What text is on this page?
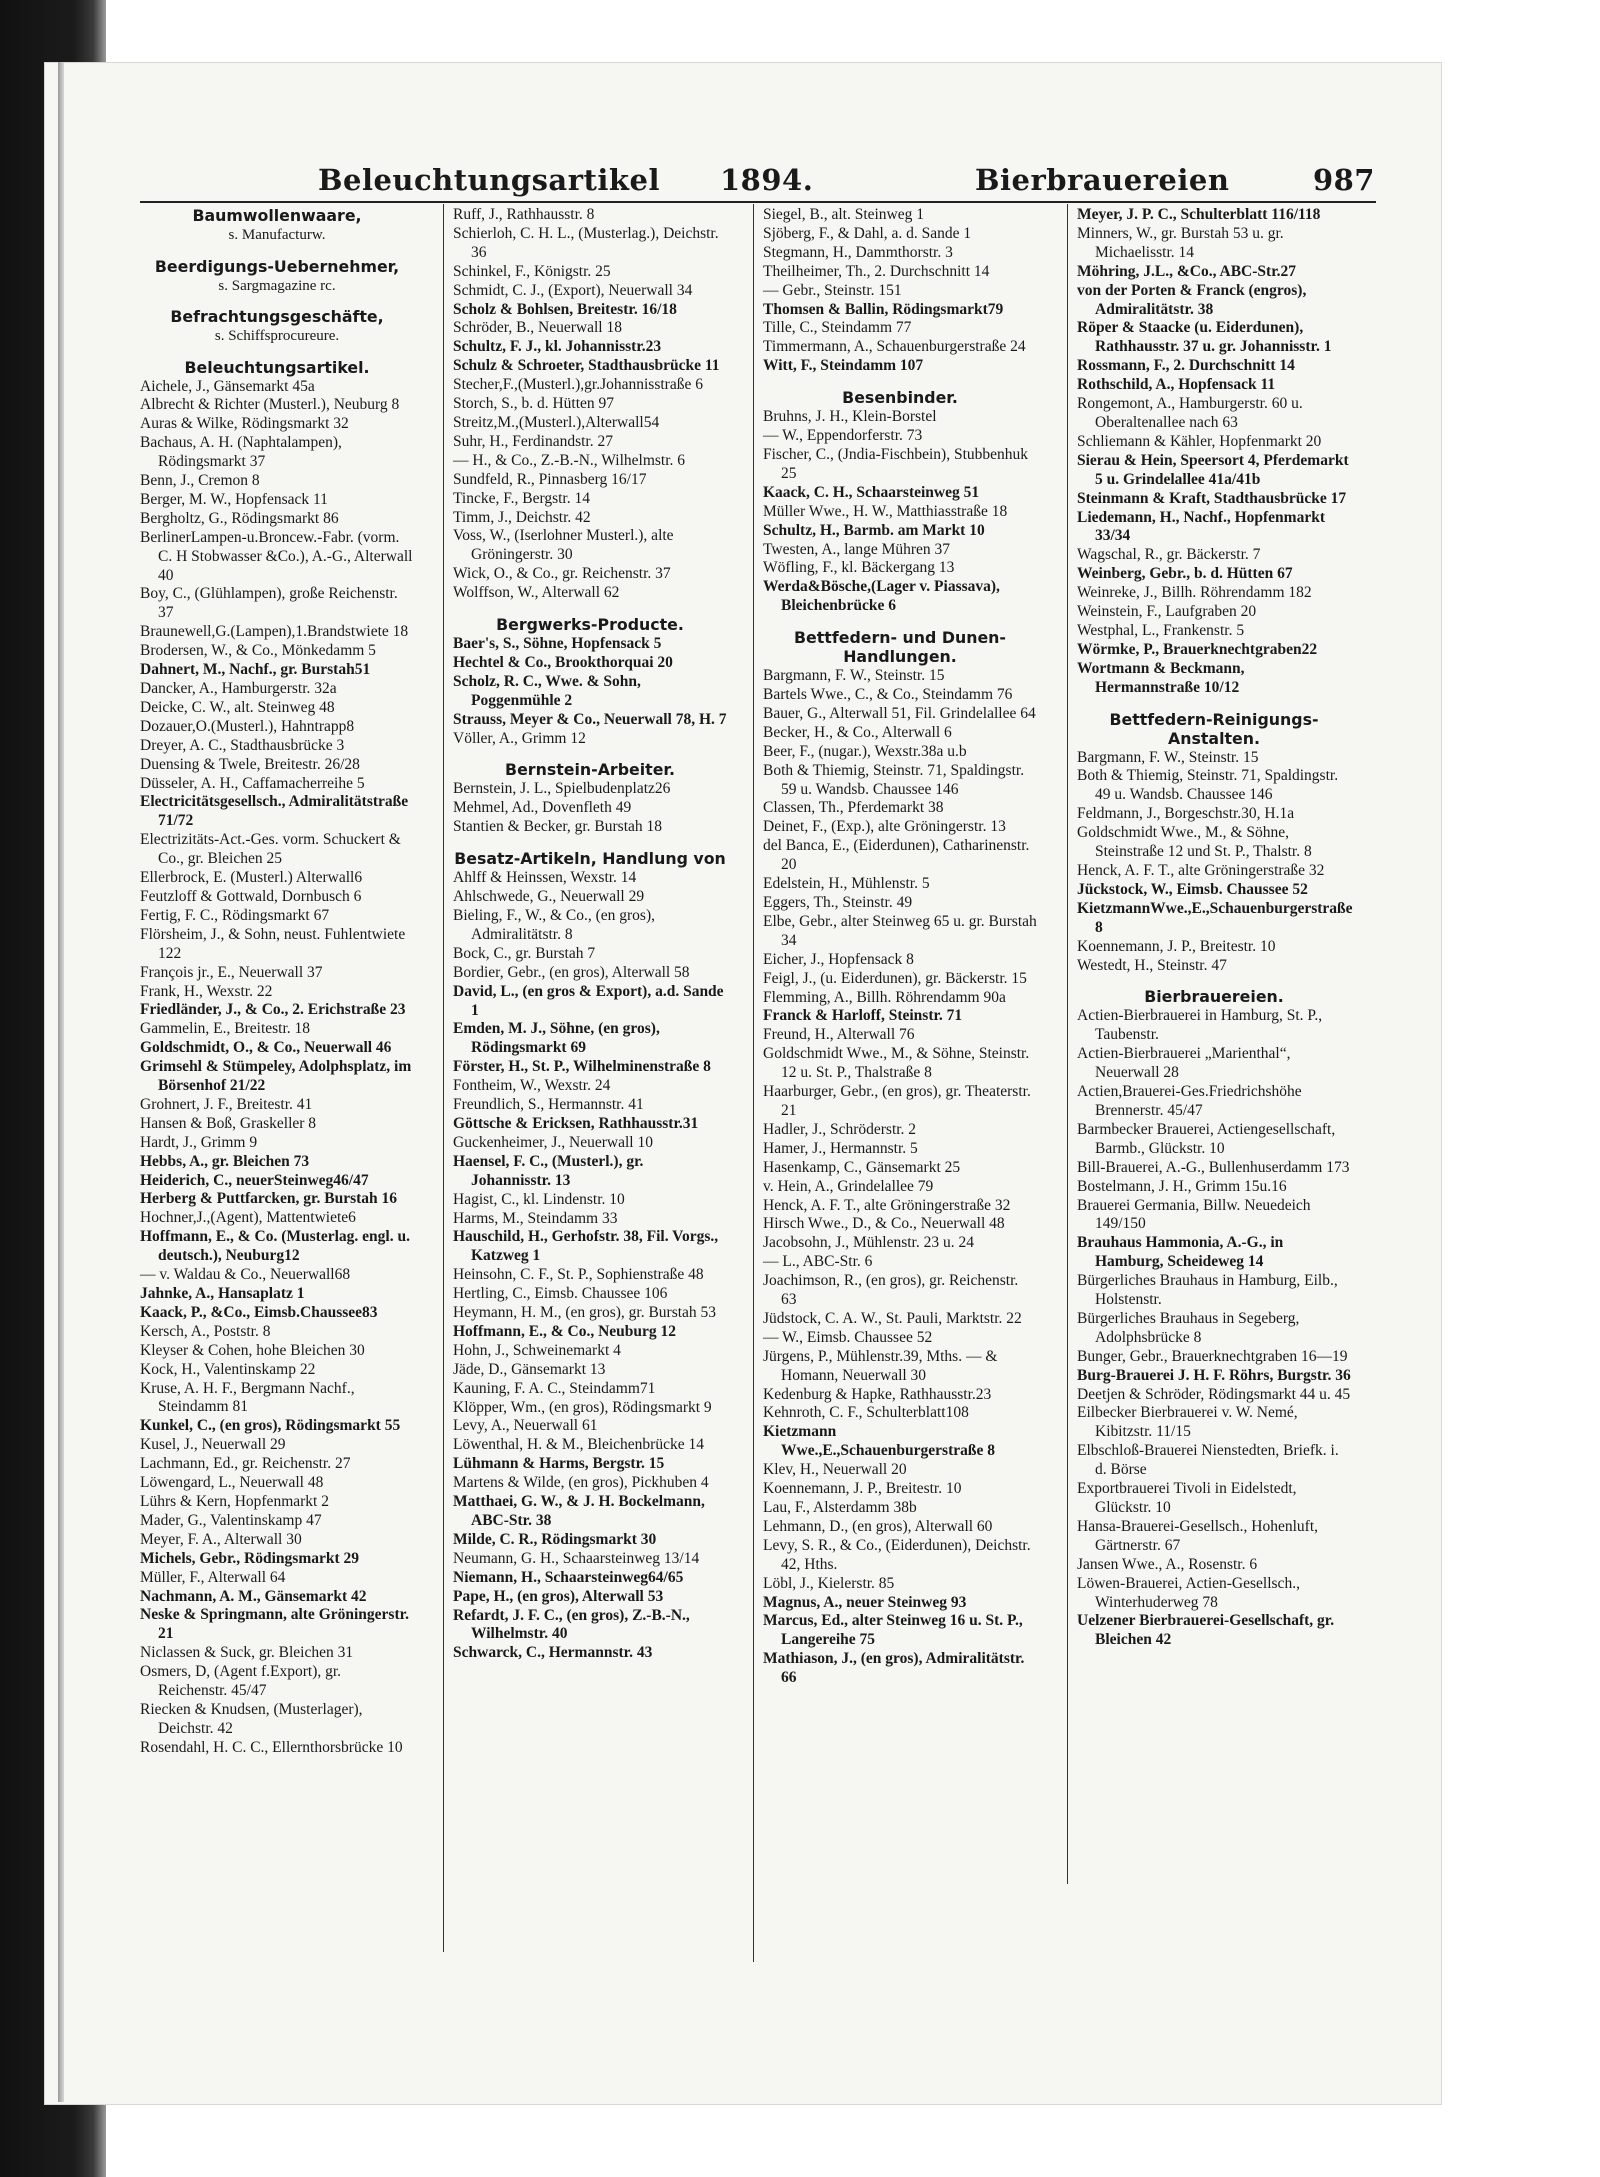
Beleuchtungsartikel 1894.	Bierbrauereien	987
Baumwollenwaare,
s. Manufacturw.
Beerdigungs-Uebernehmer,
s. Sargmagazine rc.
Befrachtungsgeschäfte,
s. Schiffsprocureure.
Beleuchtungsartikel.
Aichele, J., Gänsemarkt 45a
Albrecht & Richter (Musterl.), Neuburg 8
Auras & Wilke, Rödingsmarkt 32
Bachaus, A. H. (Naphtalampen), Rödingsmarkt 37
Benn, J., Cremon 8
Berger, M. W., Hopfensack 11
Bergholtz, G., Rödingsmarkt 86
BerlinerLampen-u.Broncew.-Fabr. (vorm. C. H Stobwasser &Co.), A.-G., Alterwall 40
Boy, C., (Glühlampen), große Reichenstr. 37
Braunewell,G.(Lampen),1.Brandstwiete 18
Brodersen, W., & Co., Mönkedamm 5
Dahnert, M., Nachf., gr. Burstah51
Dancker, A., Hamburgerstr. 32a
Deicke, C. W., alt. Steinweg 48
Dozauer,O.(Musterl.), Hahntrapp8
Dreyer, A. C., Stadthausbrücke 3
Duensing & Twele, Breitestr. 26/28
Düsseler, A. H., Caffamacherreihe 5
Electricitätsgesellsch., Admiralitätstraße 71/72
Electrizitäts-Act.-Ges. vorm. Schuckert & Co., gr. Bleichen 25
Ellerbrock, E. (Musterl.) Alterwall6
Feutzloff & Gottwald, Dornbusch 6
Fertig, F. C., Rödingsmarkt 67
Flörsheim, J., & Sohn, neust. Fuhlentwiete 122
François jr., E., Neuerwall 37
Frank, H., Wexstr. 22
Friedländer, J., & Co., 2. Erichstraße 23
Gammelin, E., Breitestr. 18
Goldschmidt, O., & Co., Neuerwall 46
Grimsehl & Stümpeley, Adolphsplatz, im Börsenhof 21/22
Grohnert, J. F., Breitestr. 41
Hansen & Boß, Graskeller 8
Hardt, J., Grimm 9
Hebbs, A., gr. Bleichen 73
Heiderich, C., neuerSteinweg46/47
Herberg & Puttfarcken, gr. Burstah 16
Hochner,J.,(Agent), Mattentwiete6
Hoffmann, E., & Co. (Musterlag. engl. u. deutsch.), Neuburg12
— v. Waldau & Co., Neuerwall68
Jahnke, A., Hansaplatz 1
Kaack, P., &Co., Eimsb.Chaussee83
Kersch, A., Poststr. 8
Kleyser & Cohen, hohe Bleichen 30
Kock, H., Valentinskamp 22
Kruse, A. H. F., Bergmann Nachf., Steindamm 81
Kunkel, C., (en gros), Rödingsmarkt 55
Kusel, J., Neuerwall 29
Lachmann, Ed., gr. Reichenstr. 27
Löwengard, L., Neuerwall 48
Lührs & Kern, Hopfenmarkt 2
Mader, G., Valentinskamp 47
Meyer, F. A., Alterwall 30
Michels, Gebr., Rödingsmarkt 29
Müller, F., Alterwall 64
Nachmann, A. M., Gänsemarkt 42
Neske & Springmann, alte Gröningerstr. 21
Niclassen & Suck, gr. Bleichen 31
Osmers, D, (Agent f.Export), gr. Reichenstr. 45/47
Riecken & Knudsen, (Musterlager), Deichstr. 42
Rosendahl, H. C. C., Ellernthorsbrücke 10
Ruff, J., Rathhausstr. 8
Schierloh, C. H. L., (Musterlag.), Deichstr. 36
Schinkel, F., Königstr. 25
Schmidt, C. J., (Export), Neuerwall 34
Scholz & Bohlsen, Breitestr. 16/18
Schröder, B., Neuerwall 18
Schultz, F. J., kl. Johannisstr.23
Schulz & Schroeter, Stadthausbrücke 11
Stecher,F.,(Musterl.),gr.Johannisstraße 6
Storch, S., b. d. Hütten 97
Streitz,M.,(Musterl.),Alterwall54
Suhr, H., Ferdinandstr. 27
— H., & Co., Z.-B.-N., Wilhelmstr. 6
Sundfeld, R., Pinnasberg 16/17
Tincke, F., Bergstr. 14
Timm, J., Deichstr. 42
Voss, W., (Iserlohner Musterl.), alte Gröningerstr. 30
Wick, O., & Co., gr. Reichenstr. 37
Wolffson, W., Alterwall 62
Bergwerks-Producte.
Baer's, S., Söhne, Hopfensack 5
Hechtel & Co., Brookthorquai 20
Scholz, R. C., Wwe. & Sohn, Poggenmühle 2
Strauss, Meyer & Co., Neuerwall 78, H. 7
Völler, A., Grimm 12
Bernstein-Arbeiter.
Bernstein, J. L., Spielbudenplatz26
Mehmel, Ad., Dovenfleth 49
Stantien & Becker, gr. Burstah 18
Besatz-Artikeln, Handlung von
Ahlff & Heinssen, Wexstr. 14
Ahlschwede, G., Neuerwall 29
Bieling, F., W., & Co., (en gros), Admiralitätstr. 8
Bock, C., gr. Burstah 7
Bordier, Gebr., (en gros), Alterwall 58
David, L., (en gros & Export), a.d. Sande 1
Emden, M. J., Söhne, (en gros), Rödingsmarkt 69
Förster, H., St. P., Wilhelminenstraße 8
Fontheim, W., Wexstr. 24
Freundlich, S., Hermannstr. 41
Göttsche & Ericksen, Rathhausstr.31
Guckenheimer, J., Neuerwall 10
Haensel, F. C., (Musterl.), gr. Johannisstr. 13
Hagist, C., kl. Lindenstr. 10
Harms, M., Steindamm 33
Hauschild, H., Gerhofstr. 38, Fil. Vorgs., Katzweg 1
Heinsohn, C. F., St. P., Sophienstraße 48
Hertling, C., Eimsb. Chaussee 106
Heymann, H. M., (en gros), gr. Burstah 53
Hoffmann, E., & Co., Neuburg 12
Hohn, J., Schweinemarkt 4
Jäde, D., Gänsemarkt 13
Kauning, F. A. C., Steindamm71
Klöpper, Wm., (en gros), Rödingsmarkt 9
Levy, A., Neuerwall 61
Löwenthal, H. & M., Bleichenbrücke 14
Lühmann & Harms, Bergstr. 15
Martens & Wilde, (en gros), Pickhuben 4
Matthaei, G. W., & J. H. Bockelmann, ABC-Str. 38
Milde, C. R., Rödingsmarkt 30
Neumann, G. H., Schaarsteinweg 13/14
Niemann, H., Schaarsteinweg64/65
Pape, H., (en gros), Alterwall 53
Refardt, J. F. C., (en gros), Z.-B.-N., Wilhelmstr. 40
Schwarck, C., Hermannstr. 43
Siegel, B., alt. Steinweg 1
Sjöberg, F., & Dahl, a. d. Sande 1
Stegmann, H., Dammthorstr. 3
Theilheimer, Th., 2. Durchschnitt 14
— Gebr., Steinstr. 151
Thomsen & Ballin, Rödingsmarkt79
Tille, C., Steindamm 77
Timmermann, A., Schauenburgerstraße 24
Witt, F., Steindamm 107
Besenbinder.
Bruhns, J. H., Klein-Borstel
— W., Eppendorferstr. 73
Fischer, C., (Jndia-Fischbein), Stubbenhuk 25
Kaack, C. H., Schaarsteinweg 51
Müller Wwe., H. W., Matthiasstraße 18
Schultz, H., Barmb. am Markt 10
Twesten, A., lange Mühren 37
Wöfling, F., kl. Bäckergang 13
Werda&Bösche,(Lager v. Piassava), Bleichenbrücke 6
Bettfedern- und Dunen-Handlungen.
Bargmann, F. W., Steinstr. 15
Bartels Wwe., C., & Co., Steindamm 76
Bauer, G., Alterwall 51, Fil. Grindelallee 64
Becker, H., & Co., Alterwall 6
Beer, F., (nugar.), Wexstr.38a u.b
Both & Thiemig, Steinstr. 71, Spaldingstr. 59 u. Wandsb. Chaussee 146
Classen, Th., Pferdemarkt 38
Deinet, F., (Exp.), alte Gröningerstr. 13
del Banca, E., (Eiderdunen), Catharinenstr. 20
Edelstein, H., Mühlenstr. 5
Eggers, Th., Steinstr. 49
Elbe, Gebr., alter Steinweg 65 u. gr. Burstah 34
Eicher, J., Hopfensack 8
Feigl, J., (u. Eiderdunen), gr. Bäckerstr. 15
Flemming, A., Billh. Röhrendamm 90a
Franck & Harloff, Steinstr. 71
Freund, H., Alterwall 76
Goldschmidt Wwe., M., & Söhne, Steinstr. 12 u. St. P., Thalstraße 8
Haarburger, Gebr., (en gros), gr. Theaterstr. 21
Hadler, J., Schröderstr. 2
Hamer, J., Hermannstr. 5
Hasenkamp, C., Gänsemarkt 25
v. Hein, A., Grindelallee 79
Henck, A. F. T., alte Gröningerstraße 32
Hirsch Wwe., D., & Co., Neuerwall 48
Jacobsohn, J., Mühlenstr. 23 u. 24
— L., ABC-Str. 6
Joachimson, R., (en gros), gr. Reichenstr. 63
Jüdstock, C. A. W., St. Pauli, Marktstr. 22
— W., Eimsb. Chaussee 52
Jürgens, P., Mühlenstr.39, Mths. — & Homann, Neuerwall 30
Kedenburg & Hapke, Rathhausstr.23
Kehnroth, C. F., Schulterblatt108
Kietzmann Wwe.,E.,Schauenburgerstraße 8
Klev, H., Neuerwall 20
Koennemann, J. P., Breitestr. 10
Lau, F., Alsterdamm 38b
Lehmann, D., (en gros), Alterwall 60
Levy, S. R., & Co., (Eiderdunen), Deichstr. 42, Hths.
Löbl, J., Kielerstr. 85
Magnus, A., neuer Steinweg 93
Marcus, Ed., alter Steinweg 16 u. St. P., Langereihe 75
Mathiason, J., (en gros), Admiralitätstr. 66
Meyer, J. P. C., Schulterblatt 116/118
Minners, W., gr. Burstah 53 u. gr. Michaelisstr. 14
Möhring, J.L., &Co., ABC-Str.27
von der Porten & Franck (engros), Admiralitätstr. 38
Röper & Staacke (u. Eiderdunen), Rathhausstr. 37 u. gr. Johannisstr. 1
Rossmann, F., 2. Durchschnitt 14
Rothschild, A., Hopfensack 11
Rongemont, A., Hamburgerstr. 60 u. Oberaltenallee nach 63
Schliemann & Kähler, Hopfenmarkt 20
Sierau & Hein, Speersort 4, Pferdemarkt 5 u. Grindelallee 41a/41b
Steinmann & Kraft, Stadthausbrücke 17
Liedemann, H., Nachf., Hopfenmarkt 33/34
Wagschal, R., gr. Bäckerstr. 7
Weinberg, Gebr., b. d. Hütten 67
Weinreke, J., Billh. Röhrendamm 182
Weinstein, F., Laufgraben 20
Westphal, L., Frankenstr. 5
Wörmke, P., Brauerknechtgraben22
Wortmann & Beckmann, Hermannstraße 10/12
Bettfedern-Reinigungs-Anstalten.
Bargmann, F. W., Steinstr. 15
Both & Thiemig, Steinstr. 71, Spaldingstr. 49 u. Wandsb. Chaussee 146
Feldmann, J., Borgeschstr.30, H.1a
Goldschmidt Wwe., M., & Söhne, Steinstraße 12 und St. P., Thalstr. 8
Henck, A. F. T., alte Gröningerstraße 32
Jückstock, W., Eimsb. Chaussee 52
KietzmannWwe.,E.,Schauenburgerstraße 8
Koennemann, J. P., Breitestr. 10
Westedt, H., Steinstr. 47
Bierbrauereien.
Actien-Bierbrauerei in Hamburg, St. P., Taubenstr.
Actien-Bierbrauerei „Marienthal“, Neuerwall 28
Actien,Brauerei-Ges.Friedrichshöhe Brennerstr. 45/47
Barmbecker Brauerei, Actiengesellschaft, Barmb., Glückstr. 10
Bill-Brauerei, A.-G., Bullenhuserdamm 173
Bostelmann, J. H., Grimm 15u.16
Brauerei Germania, Billw. Neuedeich 149/150
Brauhaus Hammonia, A.-G., in Hamburg, Scheideweg 14
Bürgerliches Brauhaus in Hamburg, Eilb., Holstenstr.
Bürgerliches Brauhaus in Segeberg, Adolphsbrücke 8
Bunger, Gebr., Brauerknechtgraben 16—19
Burg-Brauerei J. H. F. Röhrs, Burgstr. 36
Deetjen & Schröder, Rödingsmarkt 44 u. 45
Eilbecker Bierbrauerei v. W. Nemé, Kibitzstr. 11/15
Elbschloß-Brauerei Nienstedten, Briefk. i. d. Börse
Exportbrauerei Tivoli in Eidelstedt, Glückstr. 10
Hansa-Brauerei-Gesellsch., Hohenluft, Gärtnerstr. 67
Jansen Wwe., A., Rosenstr. 6
Löwen-Brauerei, Actien-Gesellsch., Winterhuderweg 78
Uelzener Bierbrauerei-Gesellschaft, gr. Bleichen 42
